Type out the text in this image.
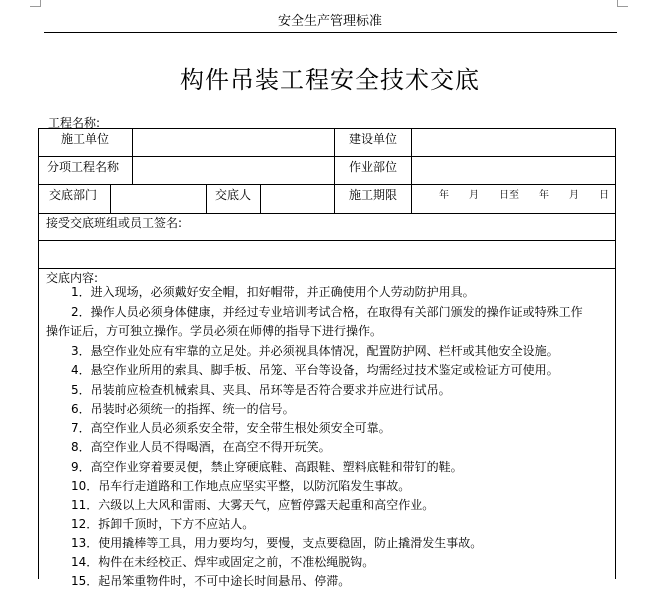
安全生产管理标准
构件吊装工程安全技术交底
工程名称:
施工单位	建设单位
分项工程名称	作业部位
交底部门	交底人	施工期限	年　　月　　日至　　年　　月　　日
接受交底班组或员工签名:
交底内容:
1．进入现场，必须戴好安全帽，扣好帽带，并正确使用个人劳动防护用具。
2．操作人员必须身体健康，并经过专业培训考试合格，在取得有关部门颁发的操作证或特殊工作
操作证后，方可独立操作。学员必须在师傅的指导下进行操作。
3．悬空作业处应有牢靠的立足处。并必须视具体情况，配置防护网、栏杆或其他安全设施。
4．悬空作业所用的索具、脚手板、吊笼、平台等设备，均需经过技术鉴定或检证方可使用。
5．吊装前应检查机械索具、夹具、吊环等是否符合要求并应进行试吊。
6．吊装时必须统一的指挥、统一的信号。
7．高空作业人员必须系安全带，安全带生根处须安全可靠。
8．高空作业人员不得喝酒，在高空不得开玩笑。
9．高空作业穿着要灵便，禁止穿硬底鞋、高跟鞋、塑料底鞋和带钉的鞋。
10．吊车行走道路和工作地点应坚实平整，以防沉陷发生事故。
11．六级以上大风和雷雨、大雾天气，应暂停露天起重和高空作业。
12．拆卸千顶时，下方不应站人。
13．使用撬棒等工具，用力要均匀，要慢，支点要稳固，防止撬滑发生事故。
14．构件在未经校正、焊牢或固定之前，不准松绳脱钩。
15．起吊笨重物件时，不可中途长时间悬吊、停滞。
